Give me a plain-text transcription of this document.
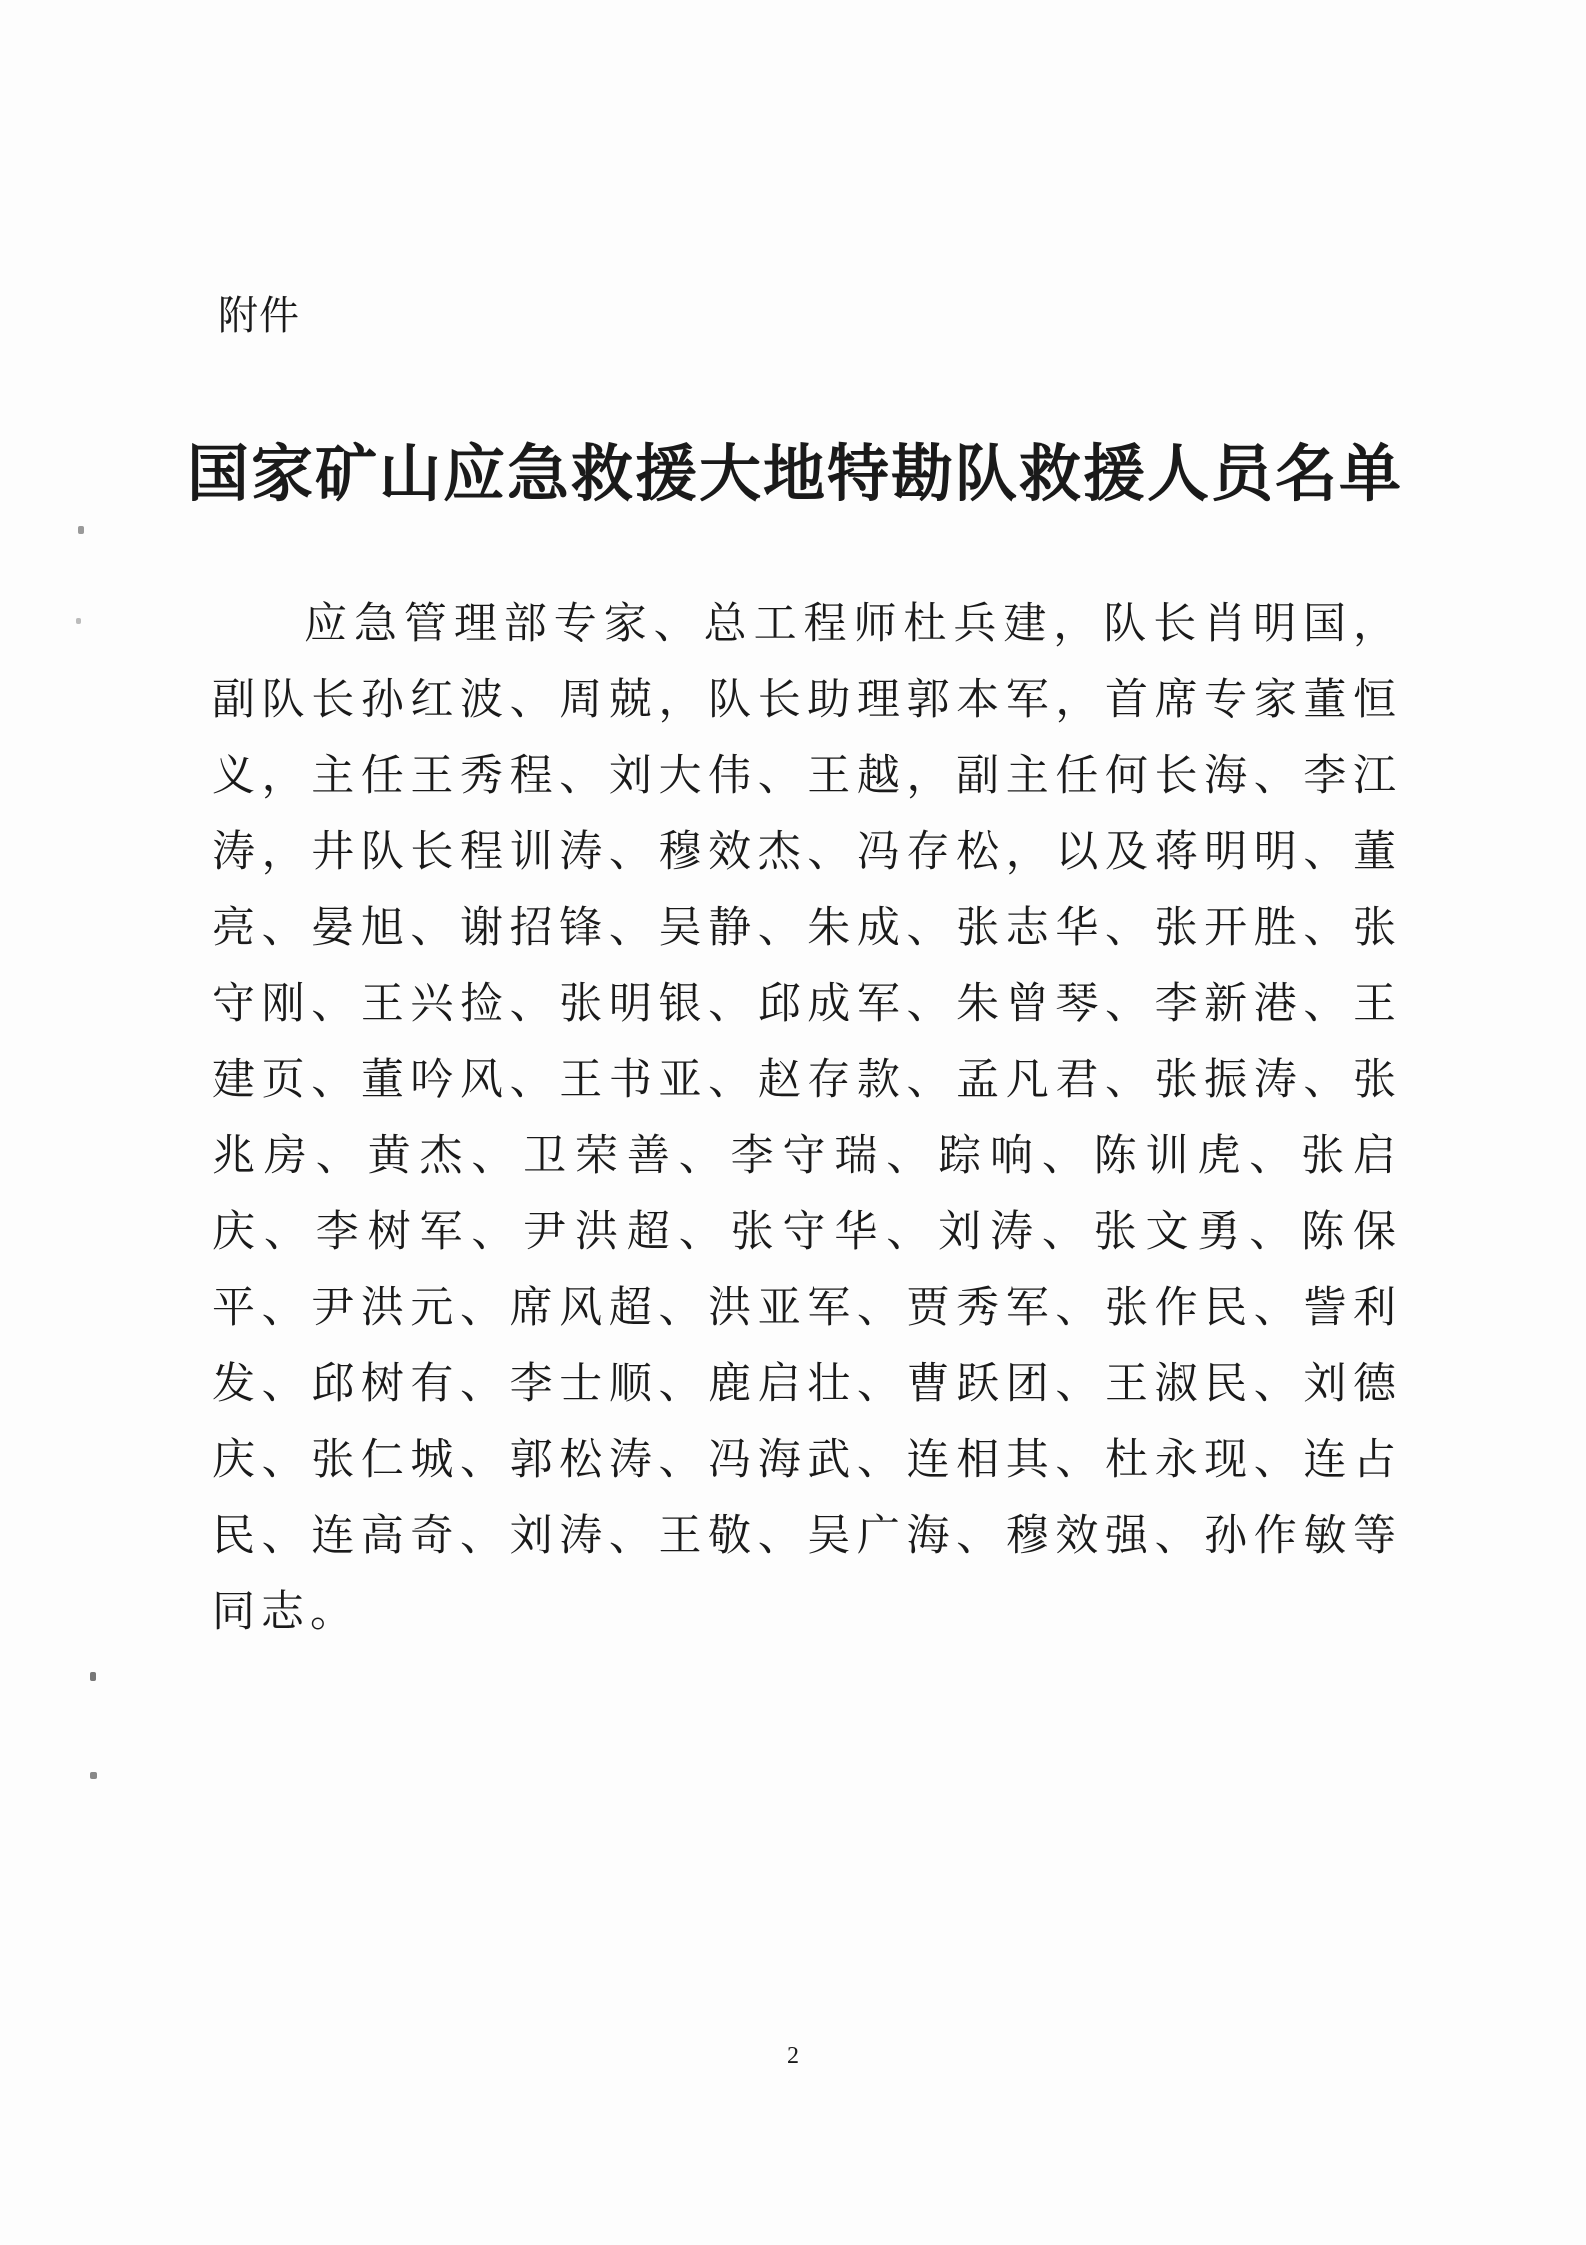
附件
国家矿山应急救援大地特勘队救援人员名单

应急管理部专家、总工程师杜兵建，队长肖明国，副队长孙红波、周兢，队长助理郭本军，首席专家董恒义，主任王秀程、刘大伟、王越，副主任何长海、李江涛，井队长程训涛、穆效杰、冯存松，以及蒋明明、董亮、晏旭、谢招锋、吴静、朱成、张志华、张开胜、张守刚、王兴捡、张明银、邱成军、朱曾琴、李新港、王建页、董吟风、王书亚、赵存款、孟凡君、张振涛、张兆房、黄杰、卫荣善、李守瑞、踪响、陈训虎、张启庆、李树军、尹洪超、张守华、刘涛、张文勇、陈保平、尹洪元、席风超、洪亚军、贾秀军、张作民、訾利发、邱树有、李士顺、鹿启壮、曹跃团、王淑民、刘德庆、张仁城、郭松涛、冯海武、连相其、杜永现、连占民、连高奇、刘涛、王敬、吴广海、穆效强、孙作敏等同志。

2
